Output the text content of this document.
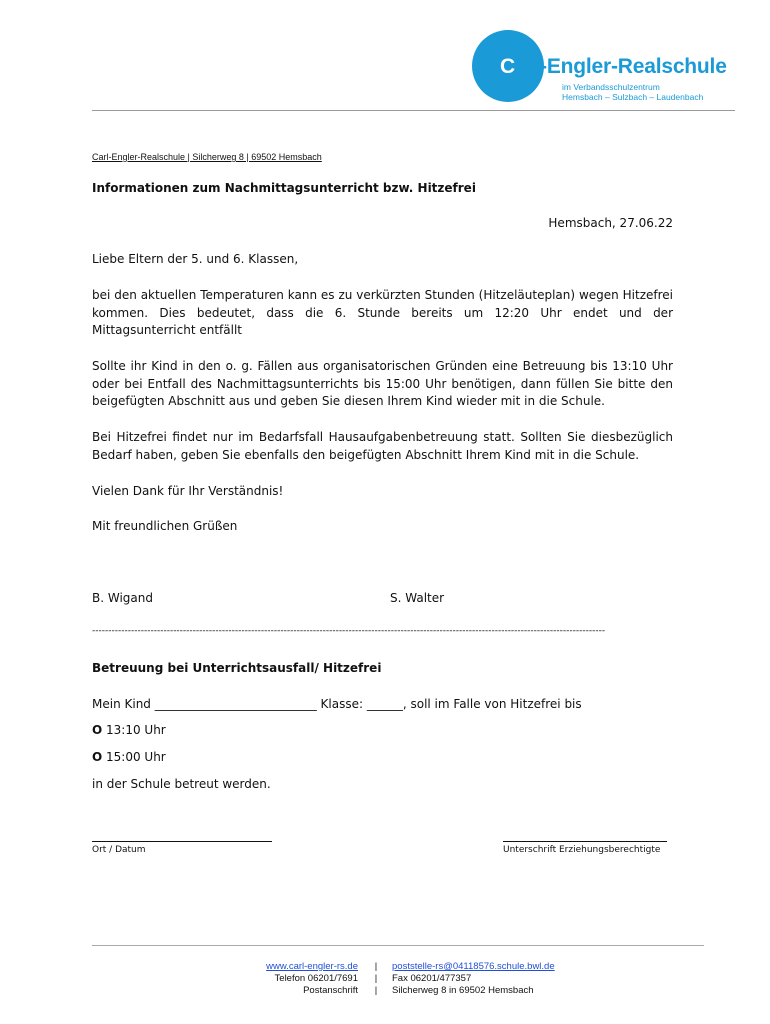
Carl-Engler-Realschule
im Verbandsschulzentrum
Hemsbach – Sulzbach – Laudenbach
Carl-Engler-Realschule | Silcherweg 8 | 69502 Hemsbach
Informationen zum Nachmittagsunterricht bzw. Hitzefrei
Hemsbach, 27.06.22
Liebe Eltern der 5. und 6. Klassen,
bei den aktuellen Temperaturen kann es zu verkürzten Stunden (Hitzeläuteplan) wegen Hitzefrei kommen. Dies bedeutet, dass die 6. Stunde bereits um 12:20 Uhr endet und der Mittagsunterricht entfällt
Sollte ihr Kind in den o. g. Fällen aus organisatorischen Gründen eine Betreuung bis 13:10 Uhr oder bei Entfall des Nachmittagsunterrichts bis 15:00 Uhr benötigen, dann füllen Sie bitte den beigefügten Abschnitt aus und geben Sie diesen Ihrem Kind wieder mit in die Schule.
Bei Hitzefrei findet nur im Bedarfsfall Hausaufgabenbetreuung statt. Sollten Sie diesbezüglich Bedarf haben, geben Sie ebenfalls den beigefügten Abschnitt Ihrem Kind mit in die Schule.
Vielen Dank für Ihr Verständnis!
Mit freundlichen Grüßen
B. Wigand	S. Walter
--------------------------------------------------------------------------------------------------------------------------------------------------------------
Betreuung bei Unterrichtsausfall/ Hitzefrei
Mein Kind ___________________________ Klasse: ______, soll im Falle von Hitzefrei bis
O 13:10 Uhr
O 15:00 Uhr
in der Schule betreut werden.
Ort / Datum	Unterschrift Erziehungsberechtigte
www.carl-engler-rs.de
Telefon 06201/7691
Postanschrift
|
|
|
poststelle-rs@04118576.schule.bwl.de
Fax 06201/477357
Silcherweg 8 in 69502 Hemsbach
